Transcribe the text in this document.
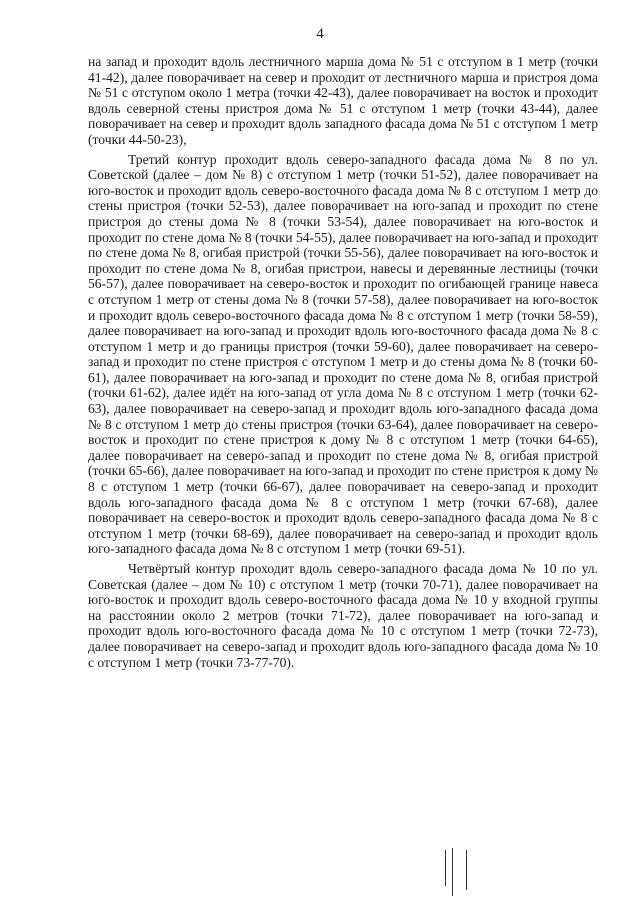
4

на запад и проходит вдоль лестничного марша дома № 51 с отступом в 1 метр (точки 41-42), далее поворачивает на север и проходит от лестничного марша и пристроя дома № 51 с отступом около 1 метра (точки 42-43), далее поворачивает на восток и проходит вдоль северной стены пристроя дома № 51 с отступом 1 метр (точки 43-44), далее поворачивает на север и проходит вдоль западного фасада дома № 51 с отступом 1 метр (точки 44-50-23),

Третий контур проходит вдоль северо-западного фасада дома № 8 по ул. Советской (далее – дом № 8) с отступом 1 метр (точки 51-52), далее поворачивает на юго-восток и проходит вдоль северо-восточного фасада дома № 8 с отступом 1 метр до стены пристроя (точки 52-53), далее поворачивает на юго-запад и проходит по стене пристроя до стены дома № 8 (точки 53-54), далее поворачивает на юго-восток и проходит по стене дома № 8 (точки 54-55), далее поворачивает на юго-запад и проходит по стене дома № 8, огибая пристрой (точки 55-56), далее поворачивает на юго-восток и проходит по стене дома № 8, огибая пристрои, навесы и деревянные лестницы (точки 56-57), далее поворачивает на северо-восток и проходит по огибающей границе навеса с отступом 1 метр от стены дома № 8 (точки 57-58), далее поворачивает на юго-восток и проходит вдоль северо-восточного фасада дома № 8 с отступом 1 метр (точки 58-59), далее поворачивает на юго-запад и проходит вдоль юго-восточного фасада дома № 8 с отступом 1 метр и до границы пристроя (точки 59-60), далее поворачивает на северо-запад и проходит по стене пристроя с отступом 1 метр и до стены дома № 8 (точки 60-61), далее поворачивает на юго-запад и проходит по стене дома № 8, огибая пристрой (точки 61-62), далее идёт на юго-запад от угла дома № 8 с отступом 1 метр (точки 62-63), далее поворачивает на северо-запад и проходит вдоль юго-западного фасада дома № 8 с отступом 1 метр до стены пристроя (точки 63-64), далее поворачивает на северо-восток и проходит по стене пристроя к дому № 8 с отступом 1 метр (точки 64-65), далее поворачивает на северо-запад и проходит по стене дома № 8, огибая пристрой (точки 65-66), далее поворачивает на юго-запад и проходит по стене пристроя к дому № 8 с отступом 1 метр (точки 66-67), далее поворачивает на северо-запад и проходит вдоль юго-западного фасада дома № 8 с отступом 1 метр (точки 67-68), далее поворачивает на северо-восток и проходит вдоль северо-западного фасада дома № 8 с отступом 1 метр (точки 68-69), далее поворачивает на северо-запад и проходит вдоль юго-западного фасада дома № 8 с отступом 1 метр (точки 69-51).

Четвёртый контур проходит вдоль северо-западного фасада дома № 10 по ул. Советская (далее – дом № 10) с отступом 1 метр (точки 70-71), далее поворачивает на юго-восток и проходит вдоль северо-восточного фасада дома № 10 у входной группы на расстоянии около 2 метров (точки 71-72), далее поворачивает на юго-запад и проходит вдоль юго-восточного фасада дома № 10 с отступом 1 метр (точки 72-73), далее поворачивает на северо-запад и проходит вдоль юго-западного фасада дома № 10 с отступом 1 метр (точки 73-77-70).
